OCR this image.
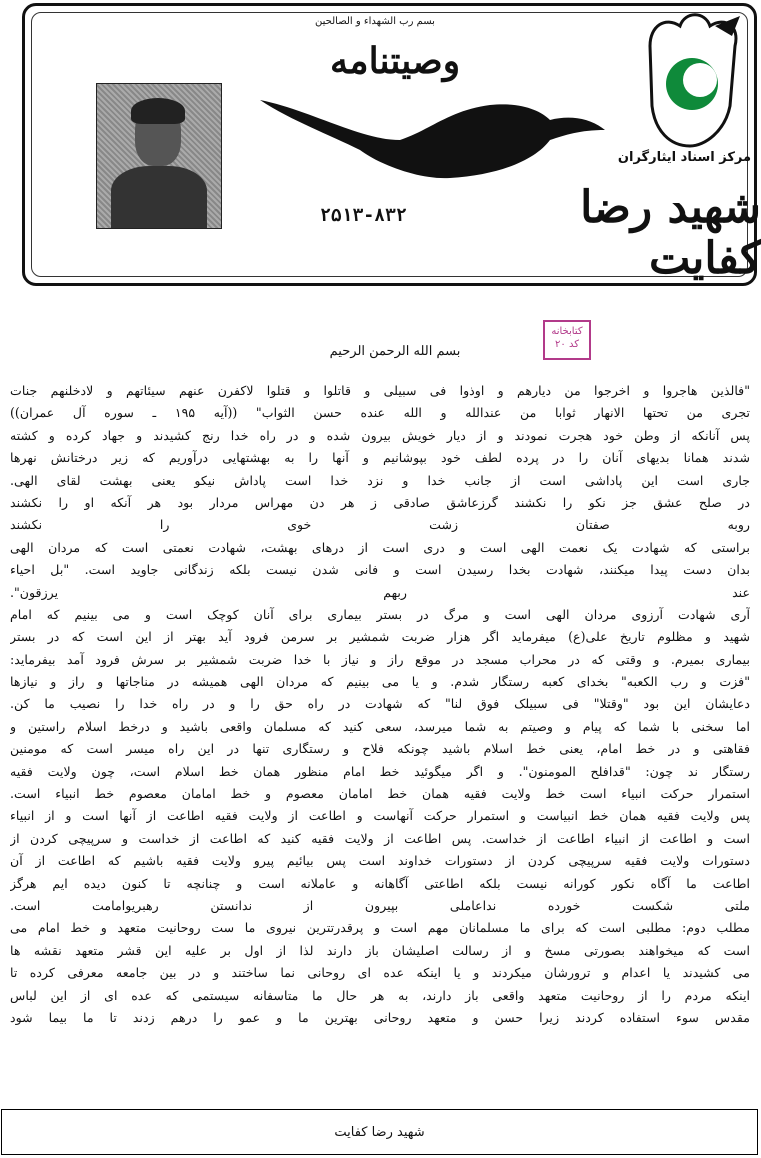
بسم رب الشهداء و الصالحین
وصیتنامه
۲۵۱۳-۸۳۲	شهید رضا کفایت
مرکز اسناد ایثارگران
کتابخانه
کد ۲۰
بسم الله الرحمن الرحیم
"فالذین هاجروا و اخرجوا من دیارهم و اوذوا فی سبیلی و قاتلوا و قتلوا لاکفرن عنهم سیئاتهم و لادخلنهم جنات
تجری من تحتها الانهار ثوابا من عندالله و الله عنده حسن الثواب" ((آیه ۱۹۵ ـ سوره آل عمران))
پس آنانکه از وطن خود هجرت نمودند و از دیار خویش بیرون شده و در راه خدا رنج کشیدند و جهاد کرده و کشته
شدند همانا بدیهای آنان را در پرده لطف خود بپوشانیم و آنها را به بهشتهایی درآوریم که زیر درختانش نهرها
جاری است این پاداشی است از جانب خدا و نزد خدا است پاداش نیکو یعنی بهشت لقای الهی.
در صلح عشق جز نکو را نکشند گرزعاشق صادقی ز هر دن مهراس مردار بود هر آنکه او را نکشند
روبه صفتان زشت خوی را نکشند
براستی که شهادت یک نعمت الهی است و دری است از درهای بهشت، شهادت نعمتی است که مردان الهی
بدان دست پیدا میکنند، شهادت بخدا رسیدن است و فانی شدن نیست بلکه زندگانی جاوید است. "بل احیاء
عند ربهم یرزقون".
آری شهادت آرزوی مردان الهی است و مرگ در بستر بیماری برای آنان کوچک است و می بینیم که امام
شهید و مظلوم تاریخ علی(ع) میفرماید اگر هزار ضربت شمشیر بر سرمن فرود آید بهتر از این است که در بستر
بیماری بمیرم. و وقتی که در محراب مسجد در موقع راز و نیاز با خدا ضربت شمشیر بر سرش فرود آمد بیفرماید:
"فزت و رب الکعبه" بخدای کعبه رستگار شدم. و یا می بینیم که مردان الهی همیشه در مناجاتها و راز و نیازها
دعایشان این بود "وقتلا" فی سبیلک فوق لنا" که شهادت در راه حق را و در راه خدا را نصیب ما کن.
اما سخنی با شما که پیام و وصیتم به شما میرسد، سعی کنید که مسلمان واقعی باشید و درخط اسلام راستین و
فقاهتی و در خط امام، یعنی خط اسلام باشید چونکه فلاح و رستگاری تنها در این راه میسر است که مومنین
رستگار ند چون: "قدافلح المومنون". و اگر میگوئید خط امام منظور همان خط اسلام است، چون ولایت فقیه
استمرار حرکت انبیاء است خط ولایت فقیه همان خط امامان معصوم و خط امامان معصوم خط انبیاء است.
پس ولایت فقیه همان خط انبیاست و استمرار حرکت آنهاست و اطاعت از ولایت فقیه اطاعت از آنها است و از انبیاء
است و اطاعت از انبیاء اطاعت از خداست. پس اطاعت از ولایت فقیه کنید که اطاعت از خداست و سرپیچی کردن از
دستورات ولایت فقیه سرپیچی کردن از دستورات خداوند است پس بیائیم پیرو ولایت فقیه باشیم که اطاعت از آن
اطاعت ما آگاه نکور کورانه نیست بلکه اطاعتی آگاهانه و عاملانه است و چنانچه تا کنون دیده ایم هرگز
ملتی شکست خورده نداعاملی بپیرون از ندانستن رهبریوامامت است.
مطلب دوم: مطلبی است که برای ما مسلمانان مهم است و پرقدرتترین نیروی ما ست روحانیت متعهد و خط امام می
است که میخواهند بصورتی مسخ و از رسالت اصلیشان باز دارند لذا از اول بر علیه این قشر متعهد نقشه ها
می کشیدند یا اعدام و ترورشان میکردند و یا اینکه عده ای روحانی نما ساختند و در بین جامعه معرفی کرده تا
اینکه مردم را از روحانیت متعهد واقعی باز دارند، به هر حال ما متاسفانه سیستمی که عده ای از این لباس
مقدس سوء استفاده کردند زیرا حسن و متعهد روحانی بهترین ما و عمو را درهم زدند تا ما بیما شود
شهید رضا کفایت
